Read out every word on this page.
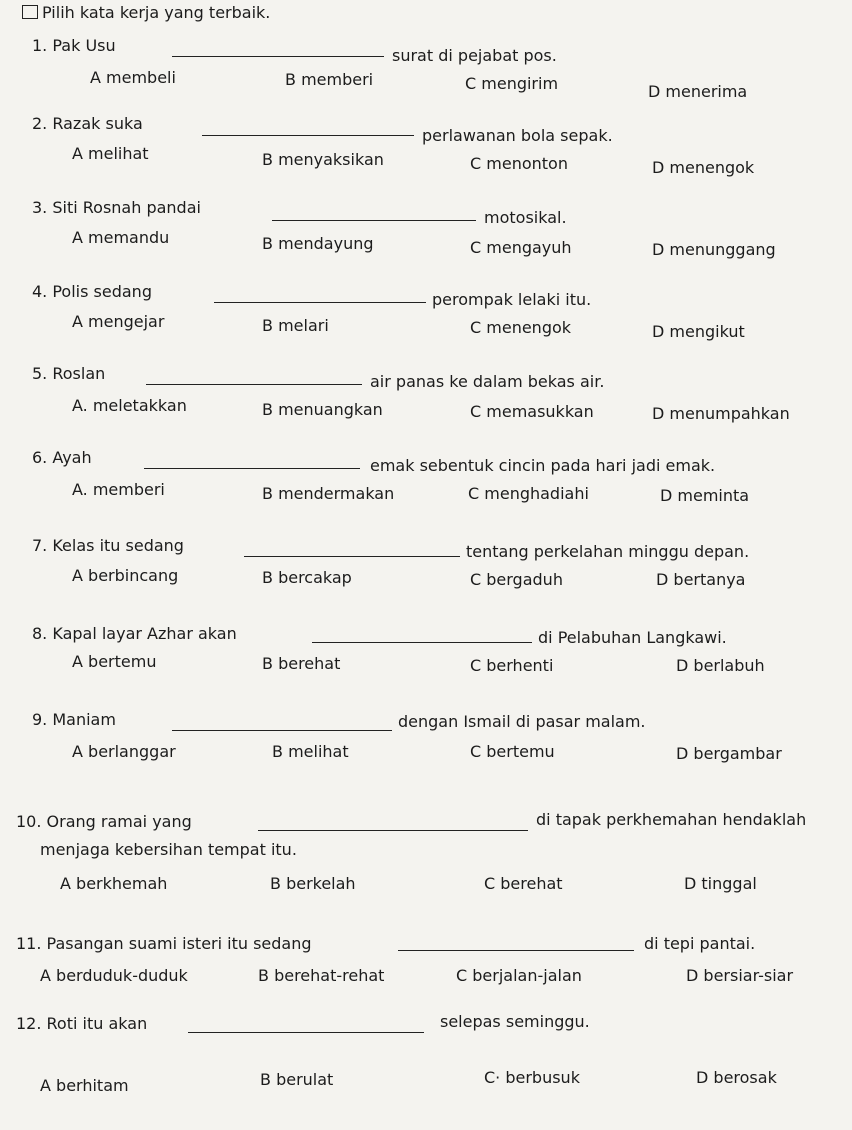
Pilih kata kerja yang terbaik.
1. Pak Usu
surat di pejabat pos.
A membeli	B memberi	C mengirim	D menerima
2. Razak suka
perlawanan bola sepak.
A melihat	B menyaksikan	C menonton	D menengok
3. Siti Rosnah pandai
motosikal.
A memandu	B mendayung	C mengayuh	D menunggang
4. Polis sedang	perompak lelaki itu.
A mengejar	B melari	C menengok	D mengikut
5. Roslan	air panas ke dalam bekas air.
A. meletakkan	B menuangkan	C memasukkan	D menumpahkan
6. Ayah	emak sebentuk cincin pada hari jadi emak.
A. memberi	B mendermakan	C menghadiahi	D meminta
7. Kelas itu sedang	tentang perkelahan minggu depan.
A berbincang	B bercakap	C bergaduh	D bertanya
8. Kapal layar Azhar akan	di Pelabuhan Langkawi.
A bertemu	B berehat	C berhenti	D berlabuh
9. Maniam	dengan Ismail di pasar malam.
A berlanggar	B melihat	C bertemu	D bergambar
10. Orang ramai yang	di tapak perkhemahan hendaklah
menjaga kebersihan tempat itu.
A berkhemah	B berkelah	C berehat	D tinggal
11. Pasangan suami isteri itu sedang	di tepi pantai.
A berduduk-duduk	B berehat-rehat	C berjalan-jalan	D bersiar-siar
12. Roti itu akan	selepas seminggu.
A berhitam	B berulat	C· berbusuk	D berosak
